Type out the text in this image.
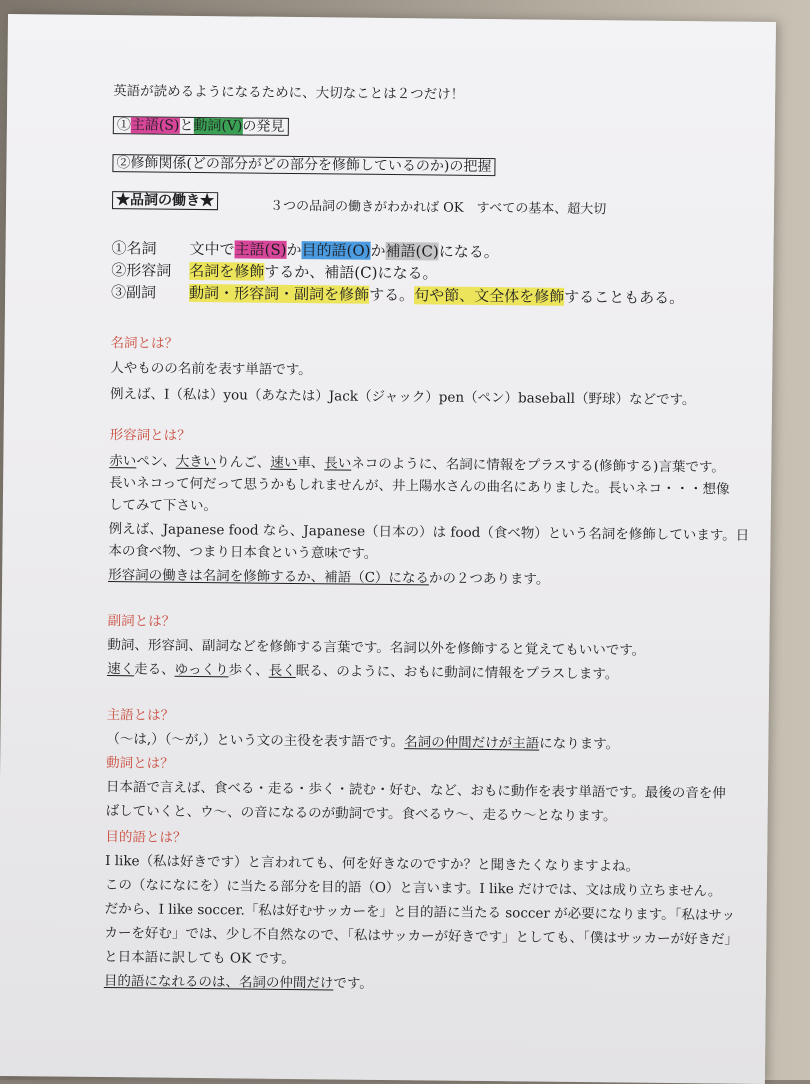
英語が読めるようになるために、大切なことは２つだけ！
①主語(S)と動詞(V)の発見
②修飾関係(どの部分がどの部分を修飾しているのか)の把握
★品詞の働き★	３つの品詞の働きがわかれば OK　すべての基本、超大切
①名詞 文中で主語(S)か目的語(O)か補語(C)になる。
②形容詞 名詞を修飾するか、補語(C)になる。
③副詞 動詞・形容詞・副詞を修飾する。句や節、文全体を修飾することもある。
名詞とは？
人やものの名前を表す単語です。
例えば、I（私は）you（あなたは）Jack（ジャック）pen（ペン）baseball（野球）などです。
形容詞とは？
赤いペン、大きいりんご、速い車、長いネコのように、名詞に情報をプラスする(修飾する)言葉です。
長いネコって何だって思うかもしれませんが、井上陽水さんの曲名にありました。長いネコ・・・想像
してみて下さい。
例えば、Japanese food なら、Japanese（日本の）は food（食べ物）という名詞を修飾しています。日
本の食べ物、つまり日本食という意味です。
形容詞の働きは名詞を修飾するか、補語（C）になるかの２つあります。
副詞とは？
動詞、形容詞、副詞などを修飾する言葉です。名詞以外を修飾すると覚えてもいいです。
速く走る、ゆっくり歩く、長く眠る、のように、おもに動詞に情報をプラスします。
主語とは？
（～は,）（～が,）という文の主役を表す語です。名詞の仲間だけが主語になります。
動詞とは？
日本語で言えば、食べる・走る・歩く・読む・好む、など、おもに動作を表す単語です。最後の音を伸
ばしていくと、ウ～、の音になるのが動詞です。食べるウ～、走るウ～となります。
目的語とは？
I like（私は好きです）と言われても、何を好きなのですか？と聞きたくなりますよね。
この（なになにを）に当たる部分を目的語（O）と言います。I like だけでは、文は成り立ちません。
だから、I like soccer.「私は好むサッカーを」と目的語に当たる soccer が必要になります。「私はサッ
カーを好む」では、少し不自然なので、「私はサッカーが好きです」としても、「僕はサッカーが好きだ」
と日本語に訳しても OK です。
目的語になれるのは、名詞の仲間だけです。
